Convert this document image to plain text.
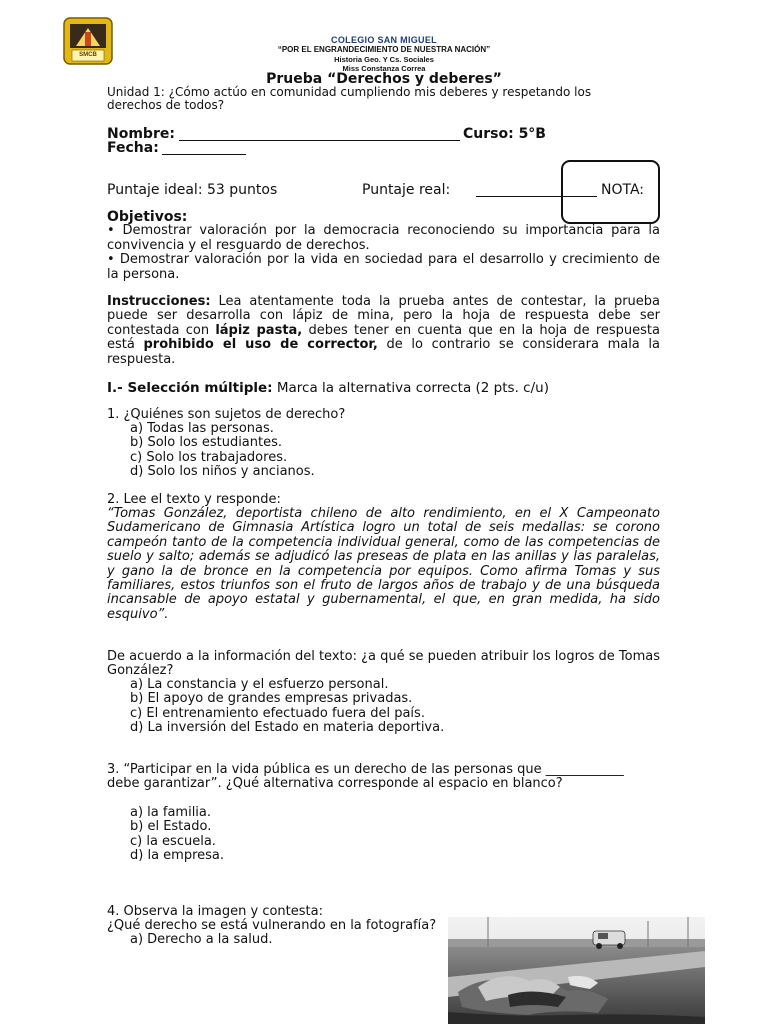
SMCB
COLEGIO SAN MIGUEL
“POR EL ENGRANDECIMIENTO DE NUESTRA NACIÓN”
Historia Geo. Y Cs. Sociales
Miss Constanza Correa
Prueba “Derechos y deberes”
Unidad 1: ¿Cómo actúo en comunidad cumpliendo mis deberes y respetando los derechos de todos?
Nombre:	Curso: 5°B
Fecha:
Puntaje ideal: 53 puntos	Puntaje real:	NOTA:
Objetivos:
• Demostrar valoración por la democracia reconociendo su importancia para la convivencia y el resguardo de derechos.
• Demostrar valoración por la vida en sociedad para el desarrollo y crecimiento de la persona.
Instrucciones: Lea atentamente toda la prueba antes de contestar, la prueba puede ser desarrolla con lápiz de mina, pero la hoja de respuesta debe ser contestada con lápiz pasta, debes tener en cuenta que en la hoja de respuesta está prohibido el uso de corrector, de lo contrario se considerara mala la respuesta.
I.- Selección múltiple: Marca la alternativa correcta (2 pts. c/u)
1. ¿Quiénes son sujetos de derecho?
a) Todas las personas.
b) Solo los estudiantes.
c) Solo los trabajadores.
d) Solo los niños y ancianos.
2. Lee el texto y responde:
“Tomas González, deportista chileno de alto rendimiento, en el X Campeonato Sudamericano de Gimnasia Artística logro un total de seis medallas: se corono campeón tanto de la competencia individual general, como de las competencias de suelo y salto; además se adjudicó las preseas de plata en las anillas y las paralelas, y gano la de bronce en la competencia por equipos. Como afirma Tomas y sus familiares, estos triunfos son el fruto de largos años de trabajo y de una búsqueda incansable de apoyo estatal y gubernamental, el que, en gran medida, ha sido esquivo”.
De acuerdo a la información del texto: ¿a qué se pueden atribuir los logros de Tomas González?
a) La constancia y el esfuerzo personal.
b) El apoyo de grandes empresas privadas.
c) El entrenamiento efectuado fuera del país.
d) La inversión del Estado en materia deportiva.
3. “Participar en la vida pública es un derecho de las personas que ____________ debe garantizar”. ¿Qué alternativa corresponde al espacio en blanco?
a) la familia.
b) el Estado.
c) la escuela.
d) la empresa.
4. Observa la imagen y contesta:
¿Qué derecho se está vulnerando en la fotografía?
a) Derecho a la salud.
